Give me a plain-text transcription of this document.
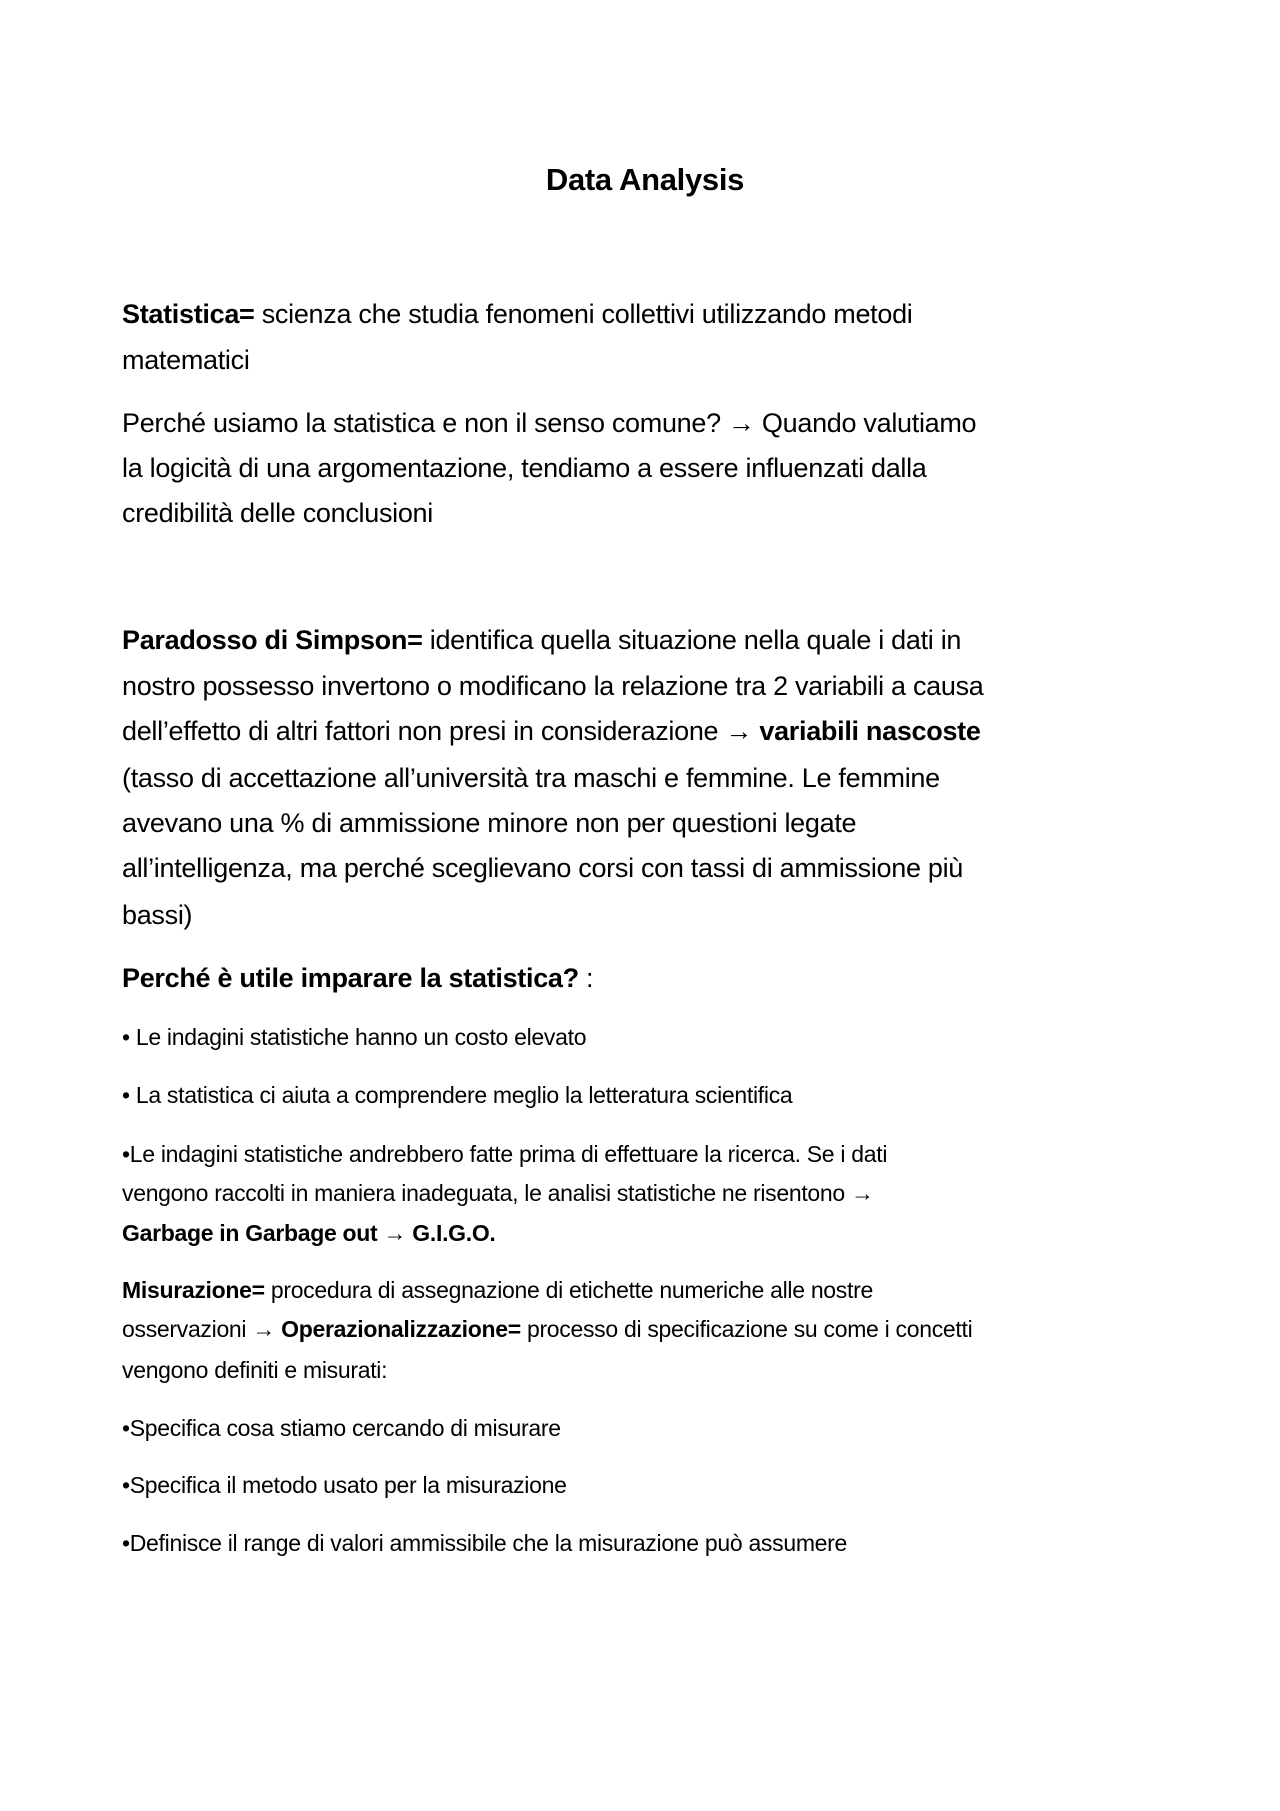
Data Analysis
Statistica= scienza che studia fenomeni collettivi utilizzando metodi
matematici
Perché usiamo la statistica e non il senso comune? → Quando valutiamo
la logicità di una argomentazione, tendiamo a essere influenzati dalla
credibilità delle conclusioni
Paradosso di Simpson= identifica quella situazione nella quale i dati in
nostro possesso invertono o modificano la relazione tra 2 variabili a causa
dell’effetto di altri fattori non presi in considerazione → variabili nascoste
(tasso di accettazione all’università tra maschi e femmine. Le femmine
avevano una % di ammissione minore non per questioni legate
all’intelligenza, ma perché sceglievano corsi con tassi di ammissione più
bassi)
Perché è utile imparare la statistica? :
• Le indagini statistiche hanno un costo elevato
• La statistica ci aiuta a comprendere meglio la letteratura scientifica
•Le indagini statistiche andrebbero fatte prima di effettuare la ricerca. Se i dati
vengono raccolti in maniera inadeguata, le analisi statistiche ne risentono →
Garbage in Garbage out → G.I.G.O.
Misurazione= procedura di assegnazione di etichette numeriche alle nostre
osservazioni → Operazionalizzazione= processo di specificazione su come i concetti
vengono definiti e misurati:
•Specifica cosa stiamo cercando di misurare
•Specifica il metodo usato per la misurazione
•Definisce il range di valori ammissibile che la misurazione può assumere
